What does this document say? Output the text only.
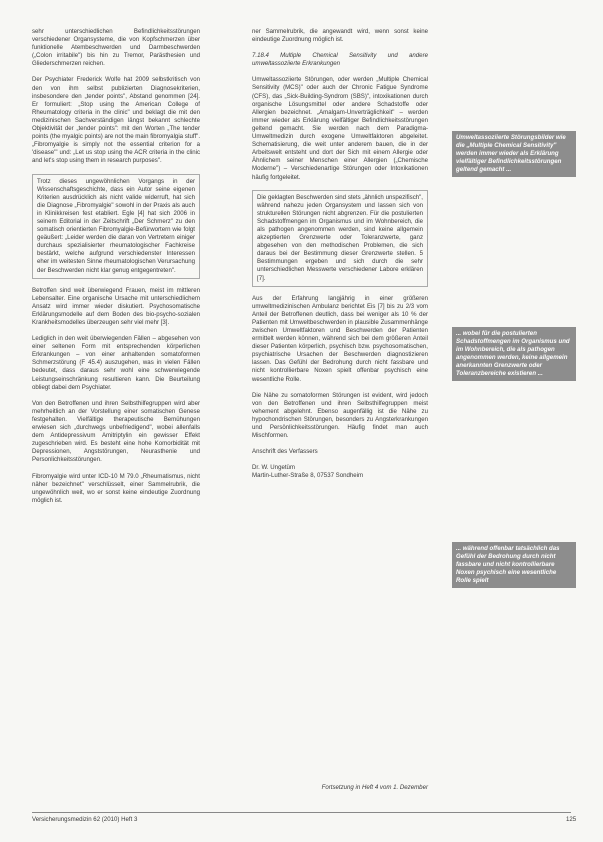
sehr unterschiedlichen Befindlichkeitsstörungen verschiedener Organsysteme, die von Kopfschmerzen über funktionelle Atembeschwerden und Darmbeschwerden („Colon irritabile") bis hin zu Tremor, Parästhesien und Gliederschmerzen reichen.

Der Psychiater Frederick Wolfe hat 2009 selbstkritisch von den von ihm selbst publizierten Diagnosekriterien, insbesondere den „tender points", Abstand genommen [24]. Er formuliert: „Stop using the American College of Rheumatology criteria in the clinic" und beklagt die mit den medizinischen Sachverständigen längst bekannt schlechte Objektivität der „tender points": mit den Worten „The tender points (the myalgic points) are not the main fibromyalgia stuff". „Fibromyalgie is simply not the essential criterion for a 'disease'" und: „Let us stop using the ACR criteria in the clinic and let's stop using them in research purposes".

Trotz dieses ungewöhnlichen Vorgangs in der Wissenschaftsgeschichte, dass ein Autor seine eigenen Kriterien ausdrücklich als nicht valide widerruft, hat sich die Diagnose „Fibromyalgie" sowohl in der Praxis als auch in Klinikkreisen fest etabliert. Egle [4] hat sich 2006 in seinem Editorial in der Zeitschrift „Der Schmerz" zu den somatisch orientierten Fibromyalgie-Befürwortern wie folgt geäußert: „Leider werden die daran von Vertretern einiger durchaus spezialisierter rheumatologischer Fachkreise bestärkt, welche aufgrund verschiedenster Interessen eher im weitesten Sinne rheumatologischen Verursachung der Beschwerden nicht klar genug entgegentreten".

Betroffen sind weit überwiegend Frauen, meist im mittleren Lebensalter. Eine organische Ursache mit unterschiedlichem Ansatz wird immer wieder diskutiert. Psychosomatische Erklärungsmodelle auf dem Boden des bio-psycho-sozialen Krankheitsmodelles überzeugen sehr viel mehr [3].

Lediglich in den weit überwiegenden Fällen – abgesehen von einer seltenen Form mit entsprechenden körperlichen Erkrankungen – von einer anhaltenden somatoformen Schmerzstörung (F 45.4) auszugehen, was in vielen Fällen bedeutet, dass daraus sehr wohl eine schwerwiegende Leistungseinschränkung resultieren kann. Die Beurteilung obliegt dabei dem Psychiater.

Von den Betroffenen und ihren Selbsthilfegruppen wird aber mehrheitlich an der Vorstellung einer somatischen Genese festgehalten. Vielfältige therapeutische Bemühungen erwiesen sich „durchwegs unbefriedigend", wobei allenfalls dem Antidepressivum Amitriptylin ein gewisser Effekt zugeschrieben wird. Es besteht eine hohe Komorbidität mit Depressionen, Angststörungen, Neurasthenie und Personlichkeitsstörungen.

Fibromyalgie wird unter ICD-10 M 79.0 „Rheumatismus, nicht näher bezeichnet" verschlüsselt, einer Sammelrubrik, die ungewöhnlich weit, wo er sonst keine eindeutige Zuordnung möglich ist.

ner Sammelrubrik, die angewandt wird, wenn sonst keine eindeutige Zuordnung möglich ist.

7.18.4 Multiple Chemical Sensitivity und andere umweltassoziierte Erkrankungen

Umweltassoziierte Störungen, oder werden „Multiple Chemical Sensitivity (MCS)" oder auch der Chronic Fatigue Syndrome (CFS), das „Sick-Building-Syndrom (SBS)", intoxikationen durch organische Lösungsmittel oder andere Schadstoffe oder Allergien bezeichnet. „Amalgam-Unverträglichkeit" – werden immer wieder als Erklärung vielfältiger Befindlichkeitsstörungen geltend gemacht. Sie werden nach dem Paradigma-Umweltmedizin durch exogene Umweltfaktoren abgeleitet. Schematisierung, die weit unter anderem bauen, die in der Arbeitswelt entsteht und dort der Sich mit einem Allergie oder Ähnlichem seiner Menschen einer Allergien („Chemische Moderne") – Verschiedenartige Störungen oder Intoxikationen häufig fortgeleitet.

Die geklagten Beschwerden sind stets „ähnlich unspezifisch", während nahezu jeden Organsystem und lassen sich von strukturellen Störungen nicht abgrenzen. Für die postulierten Schadstoffmengen im Organismus und im Wohnbereich, die als pathogen angenommen werden, sind keine allgemein akzeptierten Grenzwerte oder Toleranzwerte, ganz abgesehen von den methodischen Problemen, die sich daraus bei der Bestimmung dieser Grenzwerte stellen. 5 Bestimmungen ergeben und sich durch die sehr unterschiedlichen Messwerte verschiedener Labore erklären [7].

Aus der Erfahrung langjährig in einer größeren umweltmedizinischen Ambulanz berichtet Eis [7] bis zu 2/3 vom Anteil der Betroffenen deutlich, dass bei weniger als 10 % der Patienten mit Umweltbeschwerden in plausible Zusammenhänge zwischen Umweltfaktoren und Beschwerden der Patienten ermittelt werden können, während sich bei dem größeren Anteil dieser Patienten körperlich, psychisch bzw. psychosomatischen, psychiatrische Ursachen der Beschwerden diagnostizieren lassen. Das Gefühl der Bedrohung durch nicht fassbare und nicht kontrollierbare Noxen spielt offenbar psychisch eine wesentliche Rolle.

Die Nähe zu somatoformen Störungen ist evident, wird jedoch von den Betroffenen und ihren Selbsthilfegruppen meist vehement abgelehnt. Ebenso augenfällig ist die Nähe zu hypochondrischen Störungen, besonders zu Angsterkrankungen und Persönlichkeitsstörungen. Häufig findet man auch Mischformen.

Anschrift des Verfassers

Dr. W. Ungetüm
Martin-Luther-Straße 8, 07537 Sondheim
Umweltassoziierte Störungsbilder wie die „Multiple Chemical Sensitivity" werden immer wieder als Erklärung vielfältiger Befindlichkeitsstörungen geltend gemacht ...
... wobei für die postulierten Schadstoffmengen im Organismus und im Wohnbereich, die als pathogen angenommen werden, keine allgemein anerkannten Grenzwerte oder Toleranzbereiche existieren ...
... während offenbar tatsächlich das Gefühl der Bedrohung durch nicht fassbare und nicht kontrollierbare Noxen psychisch eine wesentliche Rolle spielt
Fortsetzung in Heft 4 vom 1. Dezember
Versicherungsmedizin 62 (2010) Heft 3	125
